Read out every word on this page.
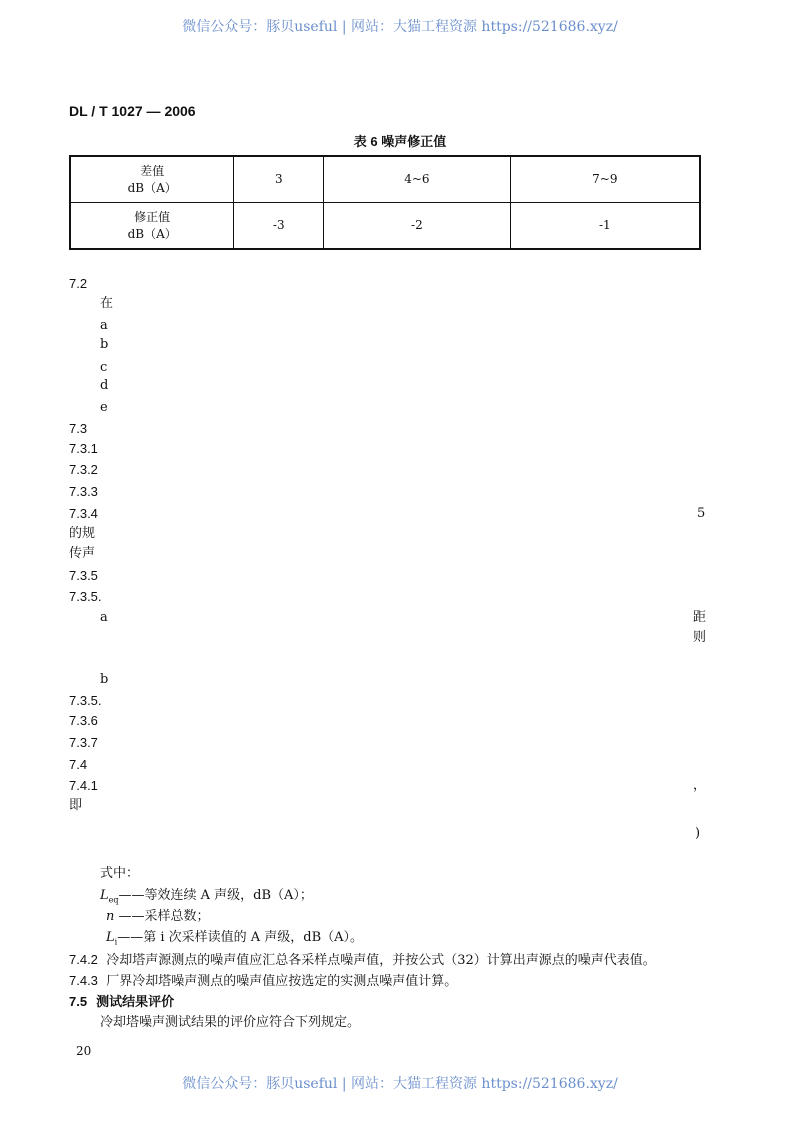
微信公众号：豚贝useful | 网站：大猫工程资源 https://521686.xyz/
DL / T 1027 — 2006
表 6 噪声修正值
差值
dB（A）	3	4~6	7~9
修正值
dB（A）	-3	-2	-1
7.2
在
a
b
c
d
e
7.3
7.3.1
7.3.2
7.3.3
7.3.4
的规
传声
7.3.5
7.3.5.
a
b
7.3.5.
7.3.6
7.3.7
7.4
7.4.1
即
5
距
则
，
)
式中：
$L_{eq}——$等效连续 A 声级，dB（A）；
n ——采样总数；
$L_i——$第 i 次采样读值的 A 声级，dB（A）。
7.4.2 冷却塔声源测点的噪声值应汇总各采样点噪声值，并按公式（32）计算出声源点的噪声代表值。
7.4.3 厂界冷却塔噪声测点的噪声值应按选定的实测点噪声值计算。
7.5 测试结果评价
冷却塔噪声测试结果的评价应符合下列规定。
20
微信公众号：豚贝useful | 网站：大猫工程资源 https://521686.xyz/
